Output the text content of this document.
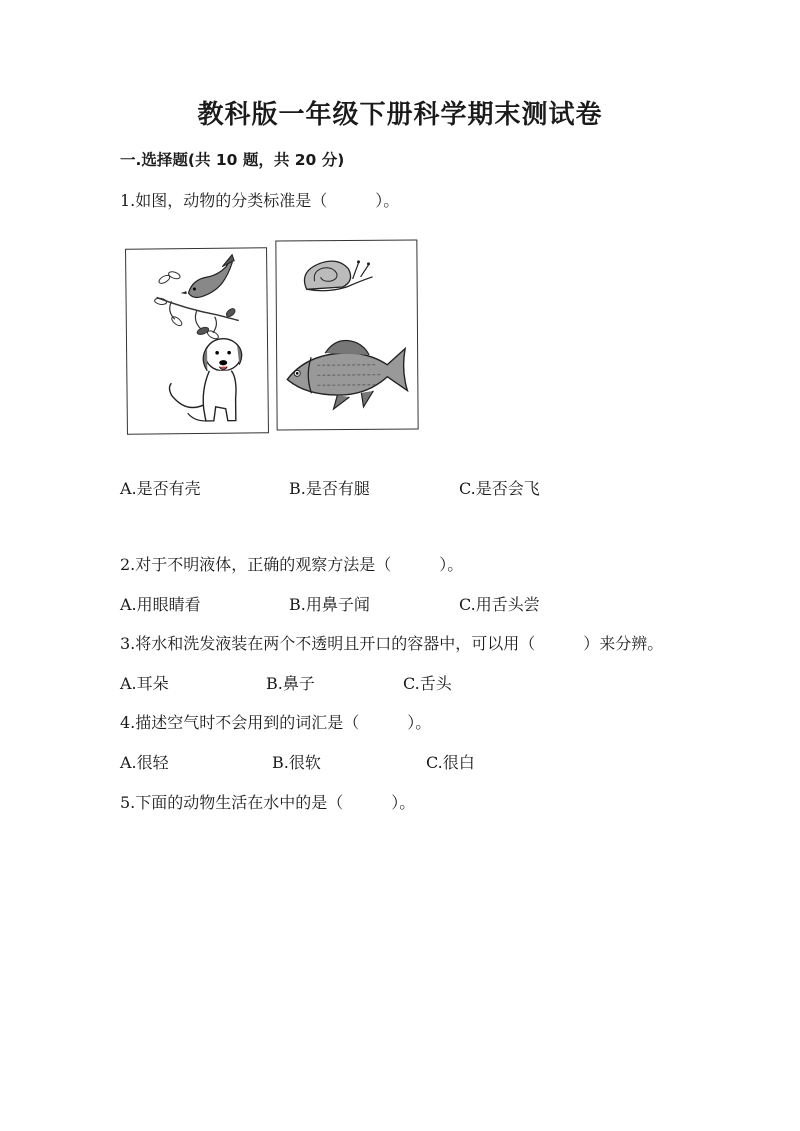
教科版一年级下册科学期末测试卷
一.选择题(共 10 题，共 20 分)
1.如图，动物的分类标准是（　　　）。
A.是否有壳	B.是否有腿	C.是否会飞
2.对于不明液体，正确的观察方法是（　　　）。
A.用眼睛看	B.用鼻子闻	C.用舌头尝
3.将水和洗发液装在两个不透明且开口的容器中，可以用（　　　）来分辨。
A.耳朵	B.鼻子	C.舌头
4.描述空气时不会用到的词汇是（　　　）。
A.很轻	B.很软	C.很白
5.下面的动物生活在水中的是（　　　）。
